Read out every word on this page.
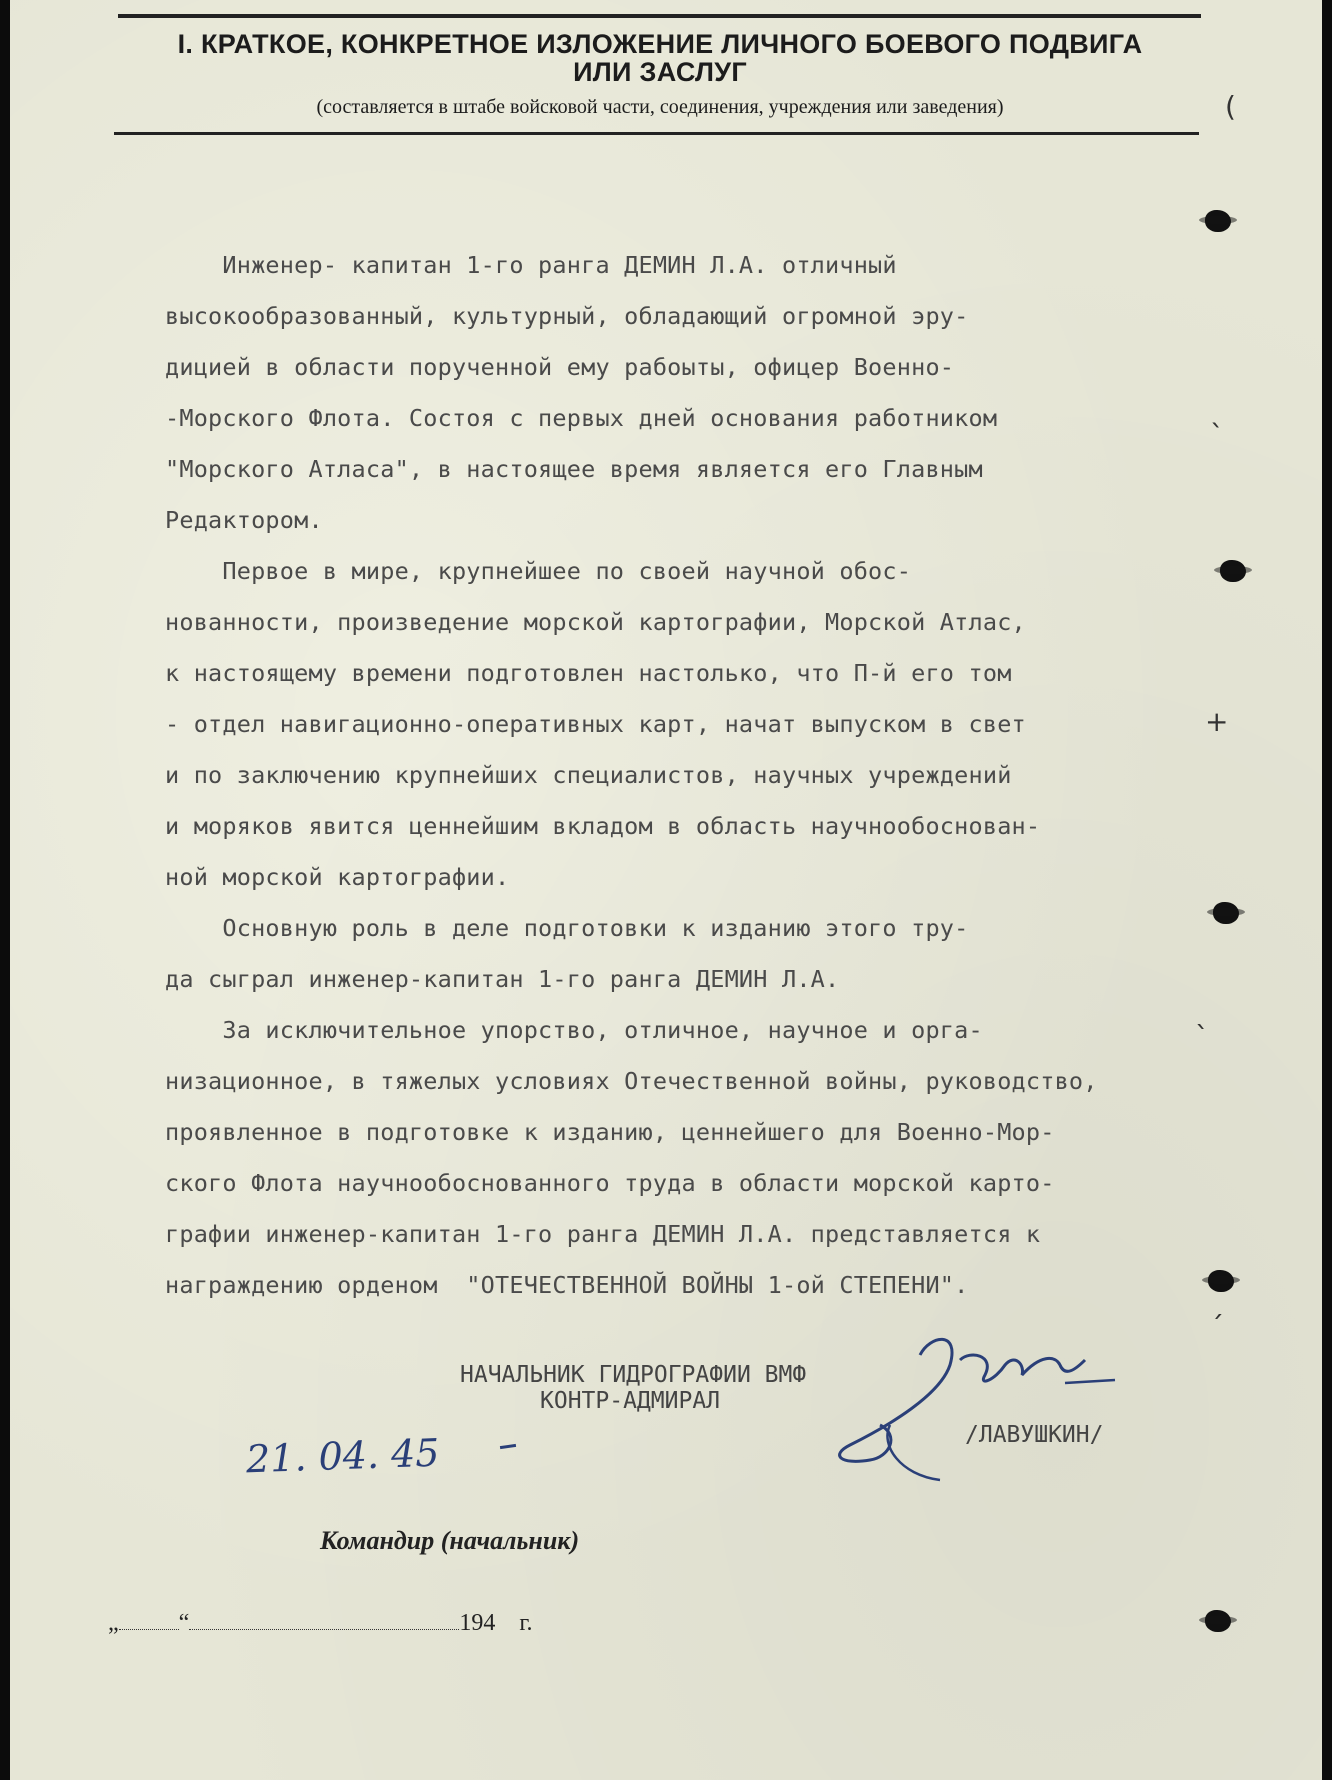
I. КРАТКОЕ, КОНКРЕТНОЕ ИЗЛОЖЕНИЕ ЛИЧНОГО БОЕВОГО ПОДВИГА
ИЛИ ЗАСЛУГ
(составляется в штабе войсковой части, соединения, учреждения или заведения)
Инженер- капитан 1-го ранга ДЕМИН Л.А. отличный
высокообразованный, культурный, обладающий огромной эру-
дицией в области порученной ему рабоыты, офицер Военно-
-Морского Флота. Состоя с первых дней основания работником
"Морского Атласа", в настоящее время является его Главным
Редактором.
Первое в мире, крупнейшее по своей научной обос-
нованности, произведение морской картографии, Морской Атлас,
к настоящему времени подготовлен настолько, что П-й его том
- отдел навигационно-оперативных карт, начат выпуском в свет
и по заключению крупнейших специалистов, научных учреждений
и моряков явится ценнейшим вкладом в область научнообоснован-
ной морской картографии.
Основную роль в деле подготовки к изданию этого тру-
да сыграл инженер-капитан 1-го ранга ДЕМИН Л.А.
За исключительное упорство, отличное, научное и орга-
низационное, в тяжелых условиях Отечественной войны, руководство,
проявленное в подготовке к изданию, ценнейшего для Военно-Мор-
ского Флота научнообоснованного труда в области морской карто-
графии инженер-капитан 1-го ранга ДЕМИН Л.А. представляется к
награждению орденом  "ОТЕЧЕСТВЕННОЙ ВОЙНЫ 1-ой СТЕПЕНИ".
НАЧАЛЬНИК ГИДРОГРАФИИ ВМФ
КОНТР-АДМИРАЛ
/ЛАВУШКИН/
21. 04. 45
Командир (начальник)
„	“	194 г.
(
ˎ
+
ˋ
ˊ
